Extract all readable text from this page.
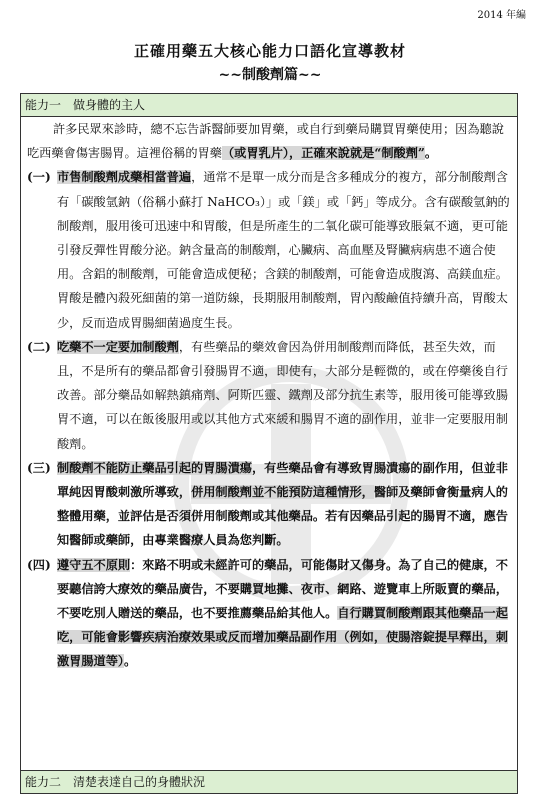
2014 年編
正確用藥五大核心能力口語化宣導教材
~~制酸劑篇~~
能力一　做身體的主人

許多民眾來診時，總不忘告訴醫師要加胃藥，或自行到藥局購買胃藥使用；因為聽說吃西藥會傷害腸胃。這裡俗稱的胃藥（或胃乳片），正確來說就是“制酸劑”。

(一) 市售制酸劑成藥相當普遍，通常不是單一成分而是含多種成分的複方，部分制酸劑含有「碳酸氫鈉（俗稱小蘇打 NaHCO₃）」或「鎂」或「鈣」等成分。含有碳酸氫鈉的制酸劑，服用後可迅速中和胃酸，但是所產生的二氧化碳可能導致脹氣不適，更可能引發反彈性胃酸分泌。鈉含量高的制酸劑，心臟病、高血壓及腎臟病病患不適合使用。含鋁的制酸劑，可能會造成便秘；含鎂的制酸劑，可能會造成腹瀉、高鎂血症。胃酸是體內殺死細菌的第一道防線，長期服用制酸劑，胃內酸鹼值持續升高，胃酸太少，反而造成胃腸細菌過度生長。

(二) 吃藥不一定要加制酸劑，有些藥品的藥效會因為併用制酸劑而降低，甚至失效，而且，不是所有的藥品都會引發腸胃不適，即使有，大部分是輕微的，或在停藥後自行改善。部分藥品如解熱鎮痛劑、阿斯匹靈、鐵劑及部分抗生素等，服用後可能導致腸胃不適，可以在飯後服用或以其他方式來緩和腸胃不適的副作用，並非一定要服用制酸劑。

(三) 制酸劑不能防止藥品引起的胃腸潰瘍，有些藥品會有導致胃腸潰瘍的副作用，但並非單純因胃酸刺激所導致，併用制酸劑並不能預防這種情形，醫師及藥師會衡量病人的整體用藥，並評估是否須併用制酸劑或其他藥品。若有因藥品引起的腸胃不適，應告知醫師或藥師，由專業醫療人員為您判斷。

(四) 遵守五不原則：來路不明或未經許可的藥品，可能傷財又傷身。為了自己的健康，不要聽信誇大療效的藥品廣告，不要購買地攤、夜市、網路、遊覽車上所販賣的藥品，不要吃別人贈送的藥品，也不要推薦藥品給其他人。自行購買制酸劑跟其他藥品一起吃，可能會影響疾病治療效果或反而增加藥品副作用（例如，使腸溶錠提早釋出，刺激胃腸道等）。

能力二　清楚表達自己的身體狀況
